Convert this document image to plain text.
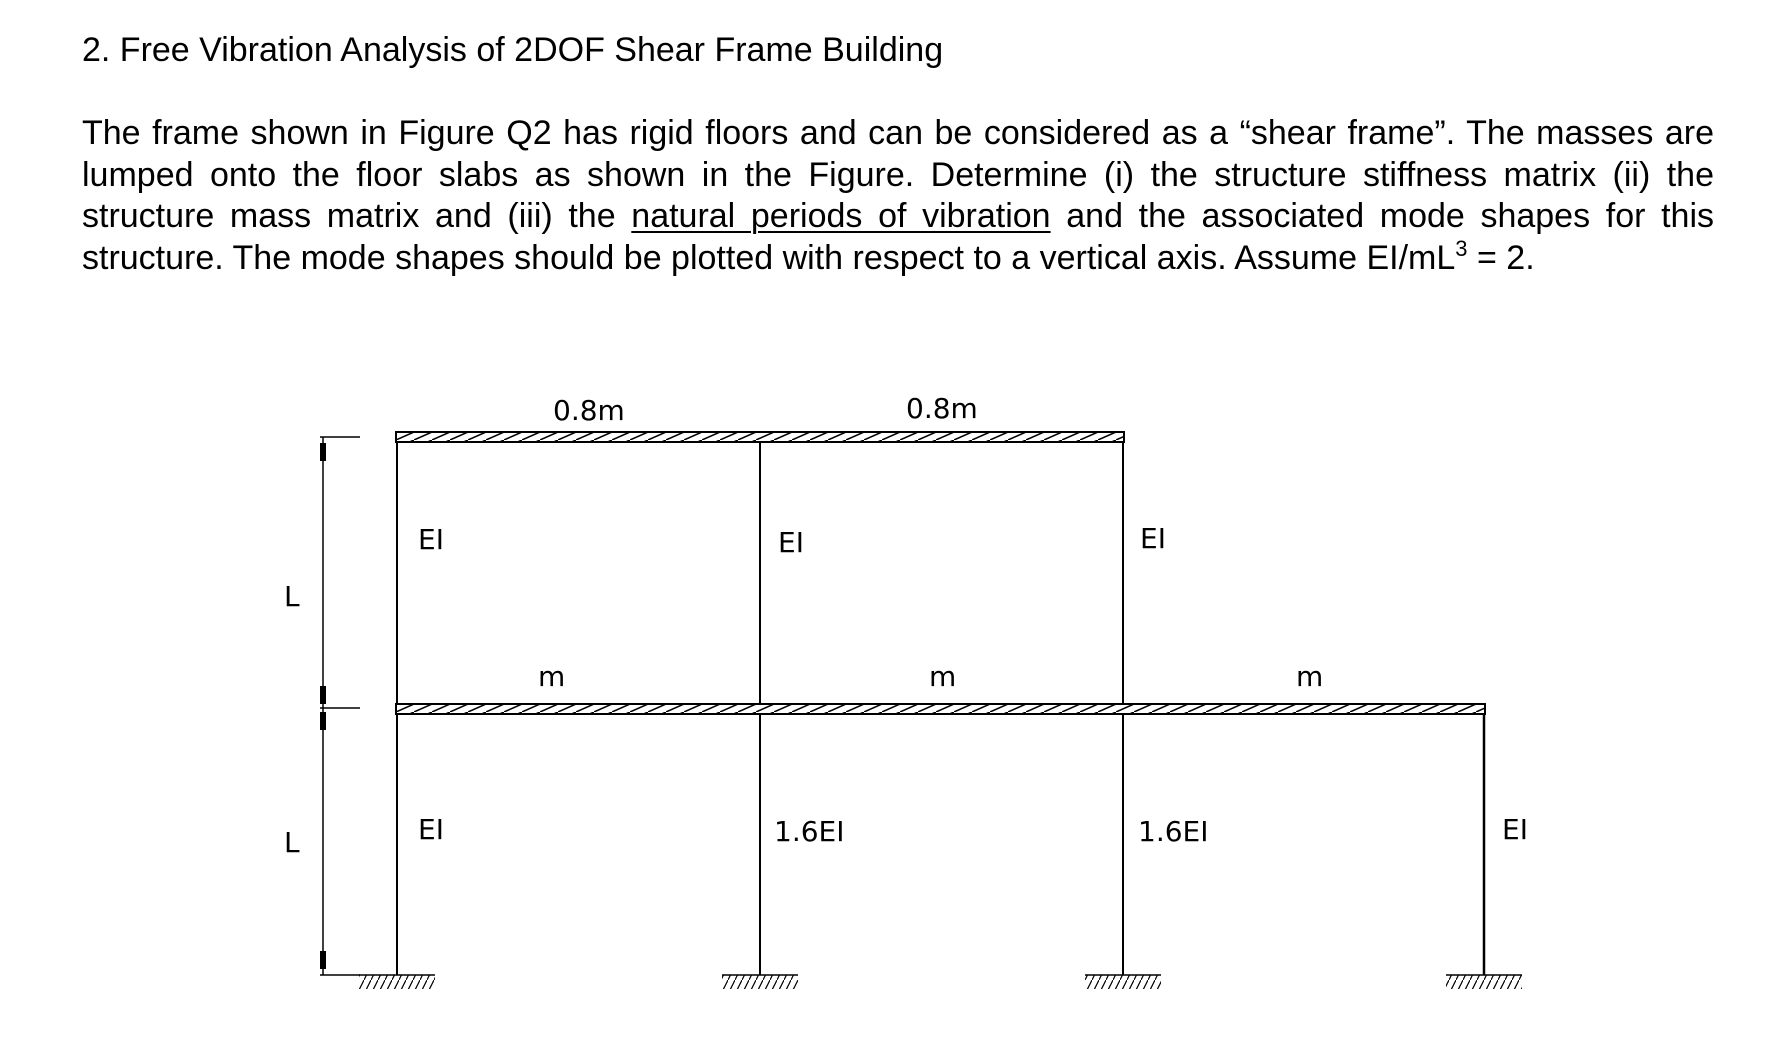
2. Free Vibration Analysis of 2DOF Shear Frame Building

The frame shown in Figure Q2 has rigid floors and can be considered as a “shear frame”. The masses are lumped onto the floor slabs as shown in the Figure. Determine (i) the structure stiffness matrix (ii) the structure mass matrix and (iii) the natural periods of vibration and the associated mode shapes for this structure. The mode shapes should be plotted with respect to a vertical axis. Assume $EI/mL^3 = 2$.

0.8m	0.8m
EI	EI	EI
L
m	m	m
EI	1.6EI	1.6EI	EI
L
